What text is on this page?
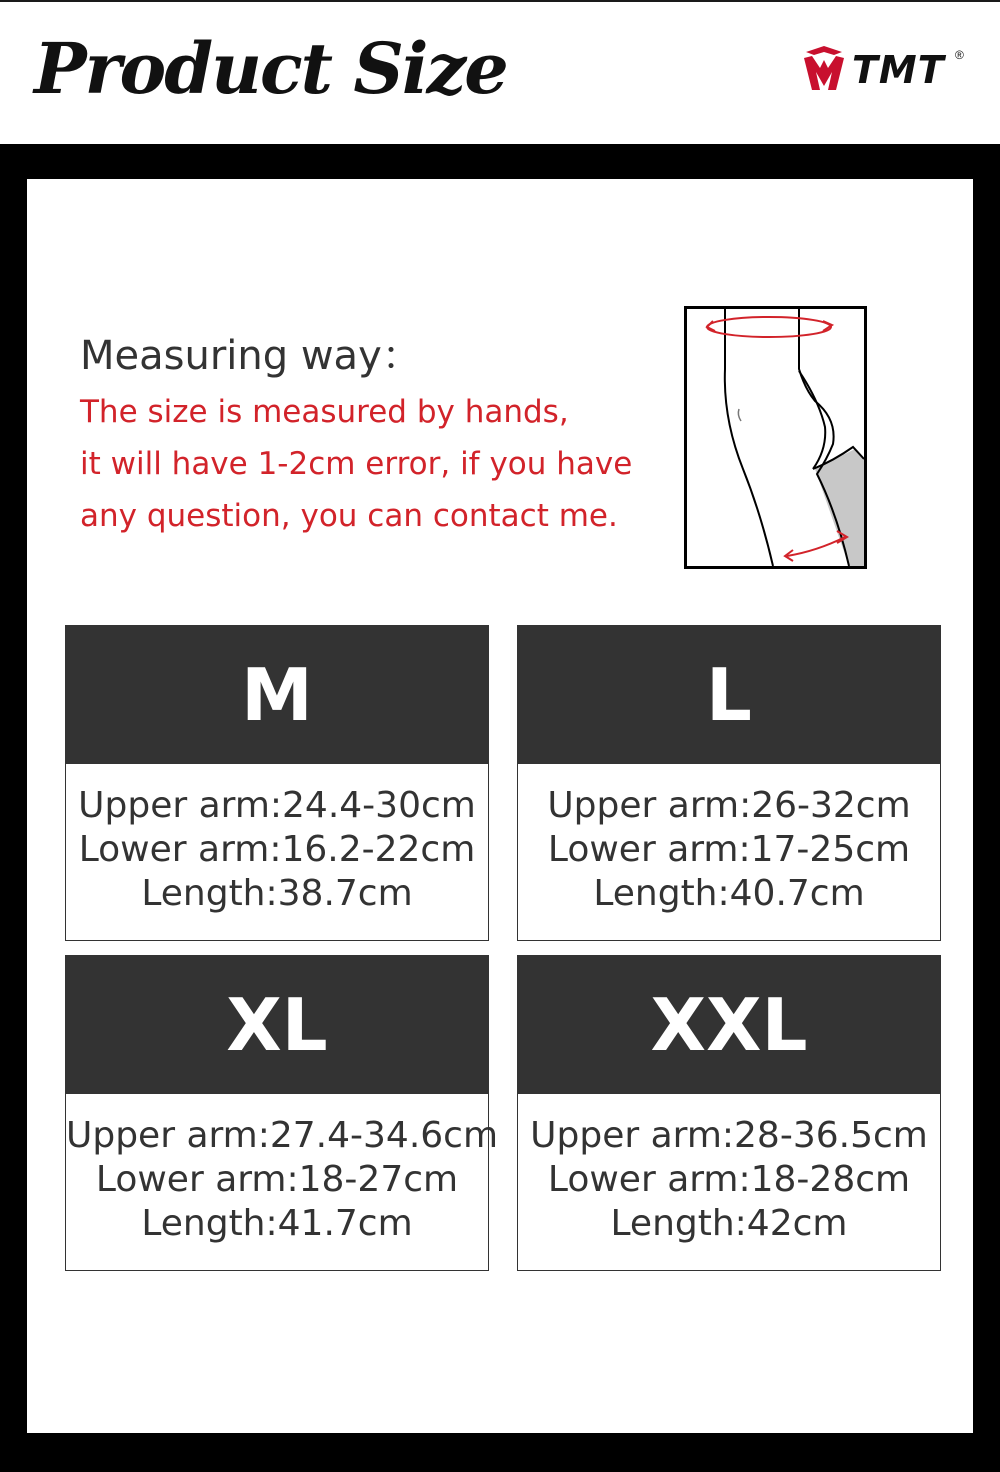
Product Size	TMT ®
Measuring way：
The size is measured by hands,
it will have 1-2cm error, if you have
any question, you can contact me.
M
Upper arm:24.4-30cm
Lower arm:16.2-22cm
Length:38.7cm
L
Upper arm:26-32cm
Lower arm:17-25cm
Length:40.7cm
XL
Upper arm:27.4-34.6cm
Lower arm:18-27cm
Length:41.7cm
XXL
Upper arm:28-36.5cm
Lower arm:18-28cm
Length:42cm
